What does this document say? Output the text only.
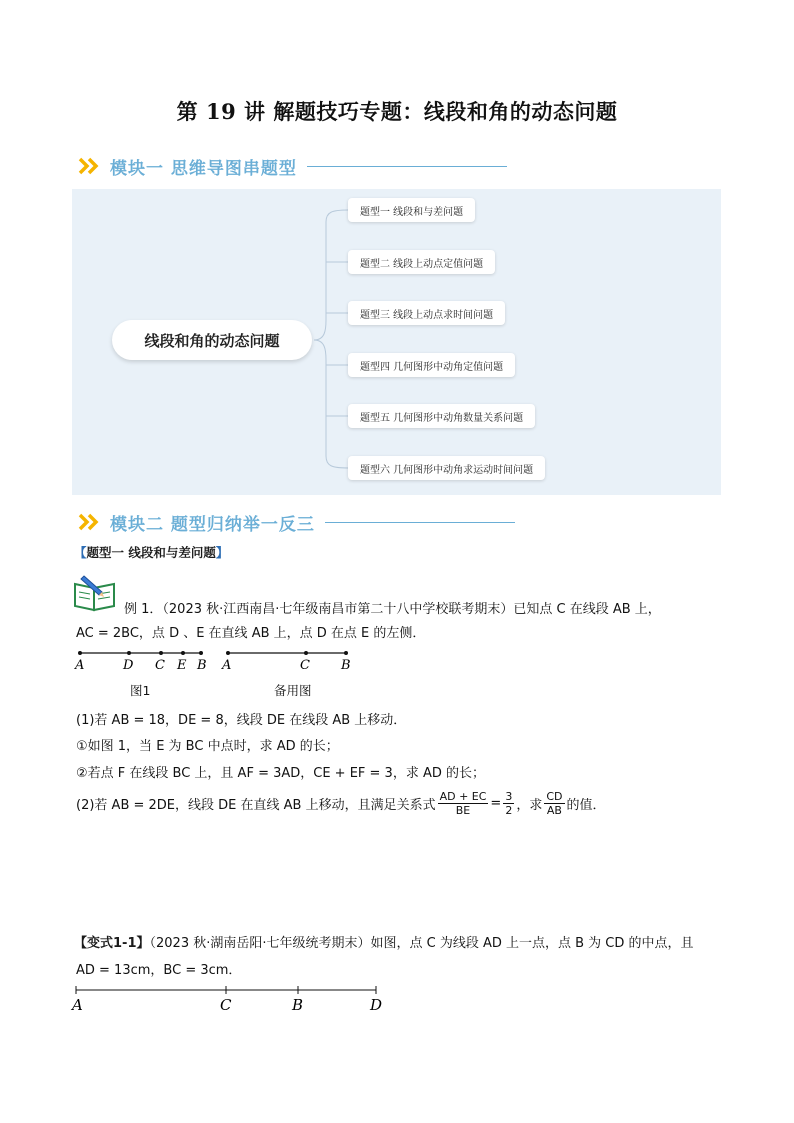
第 19 讲 解题技巧专题：线段和角的动态问题
模块一 思维导图串题型
线段和角的动态问题
题型一 线段和与差问题
题型二 线段上动点定值问题
题型三 线段上动点求时间问题
题型四 几何图形中动角定值问题
题型五 几何图形中动角数量关系问题
题型六 几何图形中动角求运动时间问题
模块二 题型归纳举一反三
【题型一 线段和与差问题】
例 1．（2023 秋·江西南昌·七年级南昌市第二十八中学校联考期末）已知点 C 在线段 AB 上，
AC = 2BC，点 D 、E 在直线 AB 上，点 D 在点 E 的左侧．
A	D C E B A	C B
图1	备用图
(1)若 AB = 18，DE = 8，线段 DE 在线段 AB 上移动．
①如图 1，当 E 为 BC 中点时，求 AD 的长；
②若点 F 在线段 BC 上，且 AF = 3AD，CE + EF = 3，求 AD 的长；
(2)若 AB = 2DE，线段 DE 在直线 AB 上移动，且满足关系式 $\frac{AD + EC}{BE} = \frac{3}{2}$ ，求 $\frac{CD}{AB}$ 的值．
【变式1-1】（2023 秋·湖南岳阳·七年级统考期末）如图，点 C 为线段 AD 上一点，点 B 为 CD 的中点，且
AD = 13cm，BC = 3cm．
A	C	B	D
